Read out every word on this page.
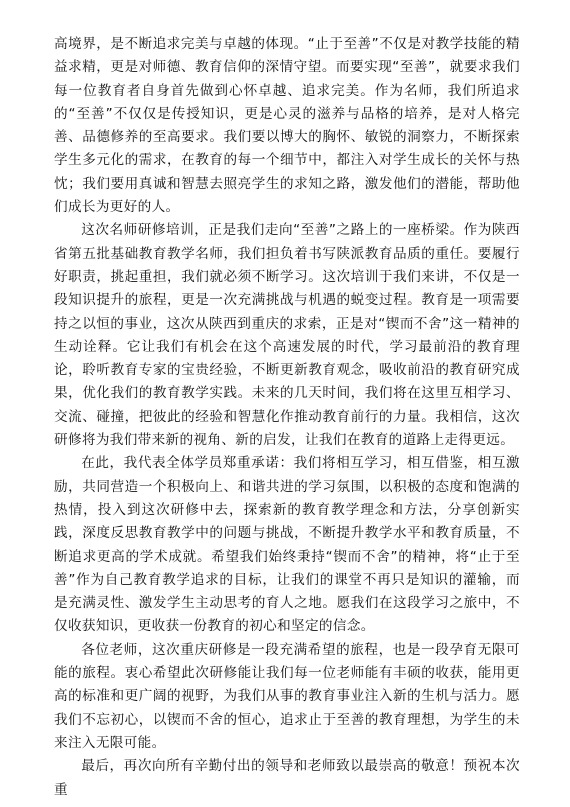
高境界，是不断追求完美与卓越的体现。“止于至善”不仅是对教学技能的精益求精，更是对师德、教育信仰的深情守望。而要实现“至善”，就要求我们每一位教育者自身首先做到心怀卓越、追求完美。作为名师，我们所追求的“至善”不仅仅是传授知识，更是心灵的滋养与品格的培养，是对人格完善、品德修养的至高要求。我们要以博大的胸怀、敏锐的洞察力，不断探索学生多元化的需求，在教育的每一个细节中，都注入对学生成长的关怀与热忱；我们要用真诚和智慧去照亮学生的求知之路，激发他们的潜能，帮助他们成长为更好的人。

这次名师研修培训，正是我们走向“至善”之路上的一座桥梁。作为陕西省第五批基础教育教学名师，我们担负着书写陕派教育品质的重任。要履行好职责，挑起重担，我们就必须不断学习。这次培训于我们来讲，不仅是一段知识提升的旅程，更是一次充满挑战与机遇的蜕变过程。教育是一项需要持之以恒的事业，这次从陕西到重庆的求索，正是对“锲而不舍”这一精神的生动诠释。它让我们有机会在这个高速发展的时代，学习最前沿的教育理论，聆听教育专家的宝贵经验，不断更新教育观念，吸收前沿的教育研究成果，优化我们的教育教学实践。未来的几天时间，我们将在这里互相学习、交流、碰撞，把彼此的经验和智慧化作推动教育前行的力量。我相信，这次研修将为我们带来新的视角、新的启发，让我们在教育的道路上走得更远。

在此，我代表全体学员郑重承诺：我们将相互学习，相互借鉴，相互激励，共同营造一个积极向上、和谐共进的学习氛围，以积极的态度和饱满的热情，投入到这次研修中去，探索新的教育教学理念和方法，分享创新实践，深度反思教育教学中的问题与挑战，不断提升教学水平和教育质量，不断追求更高的学术成就。希望我们始终秉持“锲而不舍”的精神，将“止于至善”作为自己教育教学追求的目标，让我们的课堂不再只是知识的灌输，而是充满灵性、激发学生主动思考的育人之地。愿我们在这段学习之旅中，不仅收获知识，更收获一份教育的初心和坚定的信念。

各位老师，这次重庆研修是一段充满希望的旅程，也是一段孕育无限可能的旅程。衷心希望此次研修能让我们每一位老师能有丰硕的收获，能用更高的标准和更广阔的视野，为我们从事的教育事业注入新的生机与活力。愿我们不忘初心，以锲而不舍的恒心，追求止于至善的教育理想，为学生的未来注入无限可能。

最后，再次向所有辛勤付出的领导和老师致以最崇高的敬意！预祝本次重
